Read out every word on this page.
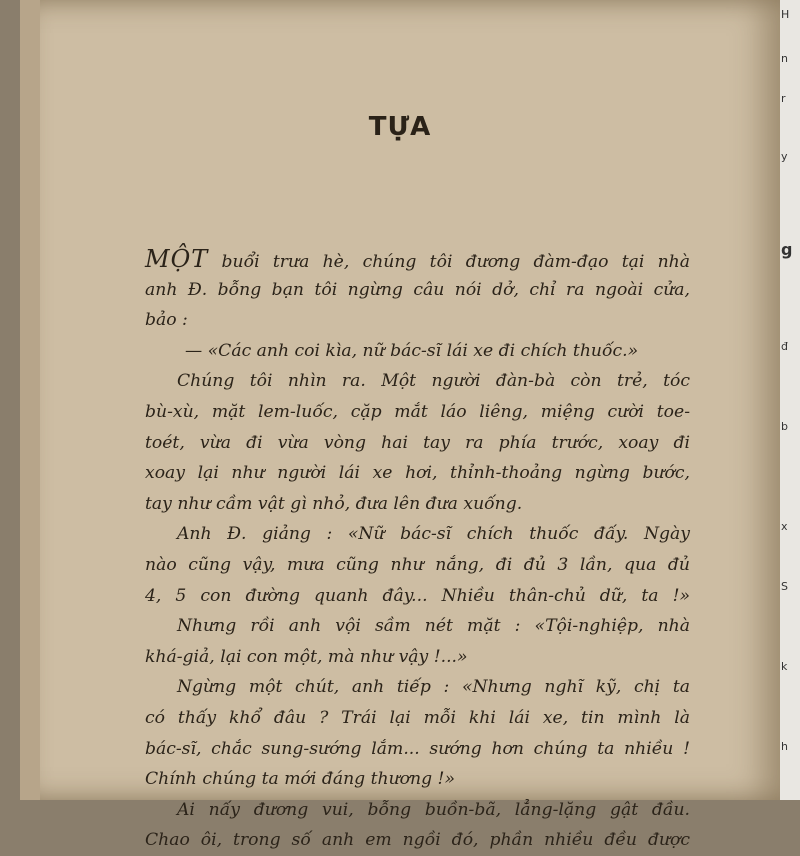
H
n
r
y
g
đ
b
x
S
k
h
TỰA
MỘT buổi trưa hè, chúng tôi đương đàm-đạo tại nhà
anh Đ. bỗng bạn tôi ngừng câu nói dở, chỉ ra ngoài cửa,
bảo :
— «Các anh coi kìa, nữ bác-sĩ lái xe đi chích thuốc.»
Chúng tôi nhìn ra. Một người đàn-bà còn trẻ, tóc
bù-xù, mặt lem-luốc, cặp mắt láo liêng, miệng cười toe-
toét, vừa đi vừa vòng hai tay ra phía trước, xoay đi
xoay lại như người lái xe hơi, thỉnh-thoảng ngừng bước,
tay như cầm vật gì nhỏ, đưa lên đưa xuống.
Anh Đ. giảng : «Nữ bác-sĩ chích thuốc đấy. Ngày
nào cũng vậy, mưa cũng như nắng, đi đủ 3 lần, qua đủ
4, 5 con đường quanh đây... Nhiều thân-chủ dữ, ta !»
Nhưng rồi anh vội sầm nét mặt : «Tội-nghiệp, nhà
khá-giả, lại con một, mà như vậy !...»
Ngừng một chút, anh tiếp : «Nhưng nghĩ kỹ, chị ta
có thấy khổ đâu ? Trái lại mỗi khi lái xe, tin mình là
bác-sĩ, chắc sung-sướng lắm... sướng hơn chúng ta nhiều !
Chính chúng ta mới đáng thương !»
Ai nấy đương vui, bỗng buồn-bã, lẳng-lặng gật đầu.
Chao ôi, trong số anh em ngồi đó, phần nhiều đều được
